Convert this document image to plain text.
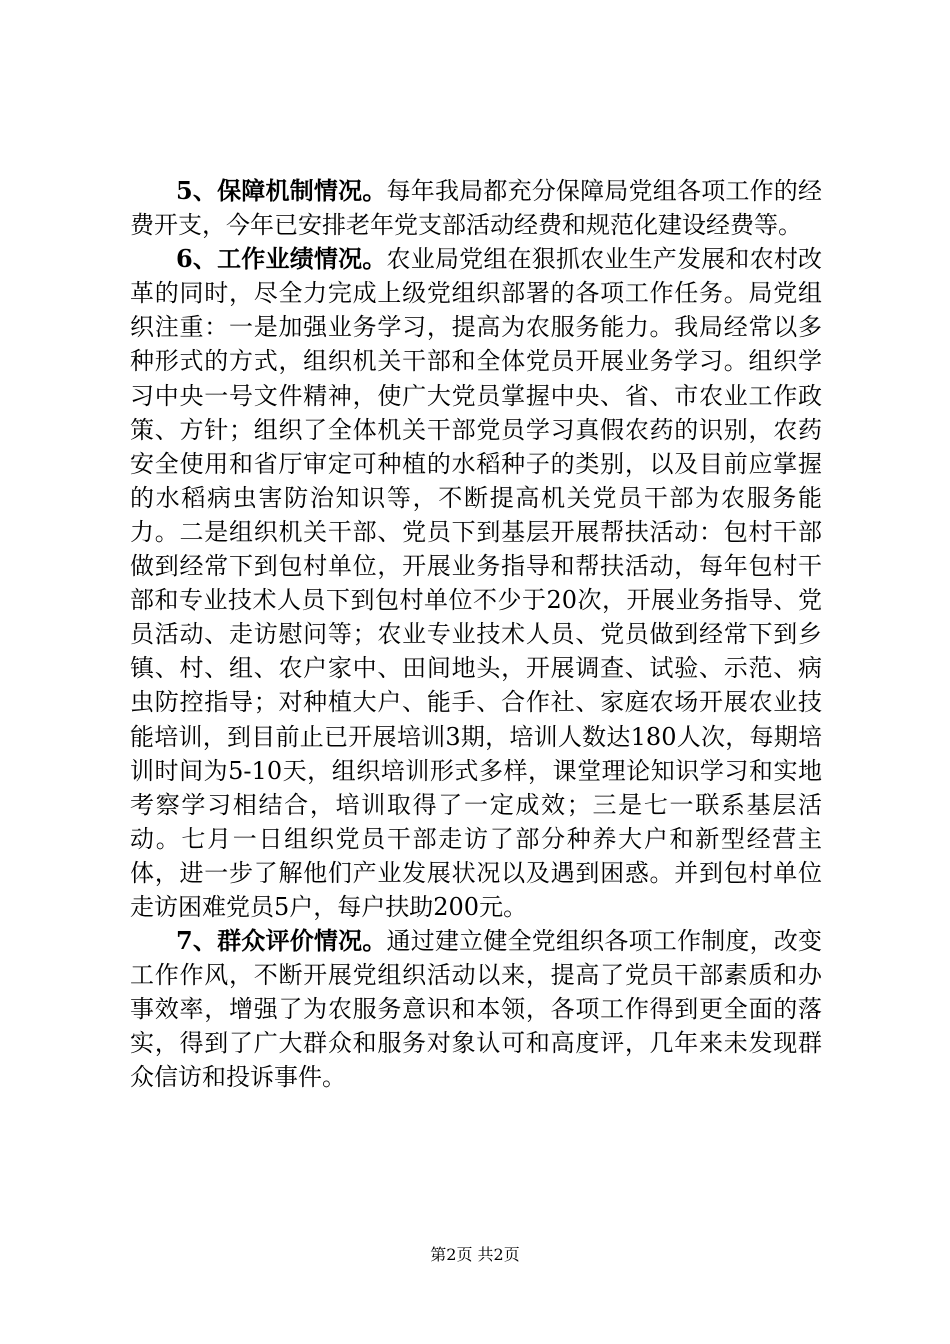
5、保障机制情况。每年我局都充分保障局党组各项工作的经费开支，今年已安排老年党支部活动经费和规范化建设经费等。

6、工作业绩情况。农业局党组在狠抓农业生产发展和农村改革的同时，尽全力完成上级党组织部署的各项工作任务。局党组织注重：一是加强业务学习，提高为农服务能力。我局经常以多种形式的方式，组织机关干部和全体党员开展业务学习。组织学习中央一号文件精神，使广大党员掌握中央、省、市农业工作政策、方针；组织了全体机关干部党员学习真假农药的识别，农药安全使用和省厅审定可种植的水稻种子的类别，以及目前应掌握的水稻病虫害防治知识等，不断提高机关党员干部为农服务能力。二是组织机关干部、党员下到基层开展帮扶活动：包村干部做到经常下到包村单位，开展业务指导和帮扶活动，每年包村干部和专业技术人员下到包村单位不少于20次，开展业务指导、党员活动、走访慰问等；农业专业技术人员、党员做到经常下到乡镇、村、组、农户家中、田间地头，开展调查、试验、示范、病虫防控指导；对种植大户、能手、合作社、家庭农场开展农业技能培训，到目前止已开展培训3期，培训人数达180人次，每期培训时间为5-10天，组织培训形式多样，课堂理论知识学习和实地考察学习相结合，培训取得了一定成效；三是七一联系基层活动。七月一日组织党员干部走访了部分种养大户和新型经营主体，进一步了解他们产业发展状况以及遇到困惑。并到包村单位走访困难党员5户，每户扶助200元。

7、群众评价情况。通过建立健全党组织各项工作制度，改变工作作风，不断开展党组织活动以来，提高了党员干部素质和办事效率，增强了为农服务意识和本领，各项工作得到更全面的落实，得到了广大群众和服务对象认可和高度评，几年来未发现群众信访和投诉事件。

第2页 共2页
